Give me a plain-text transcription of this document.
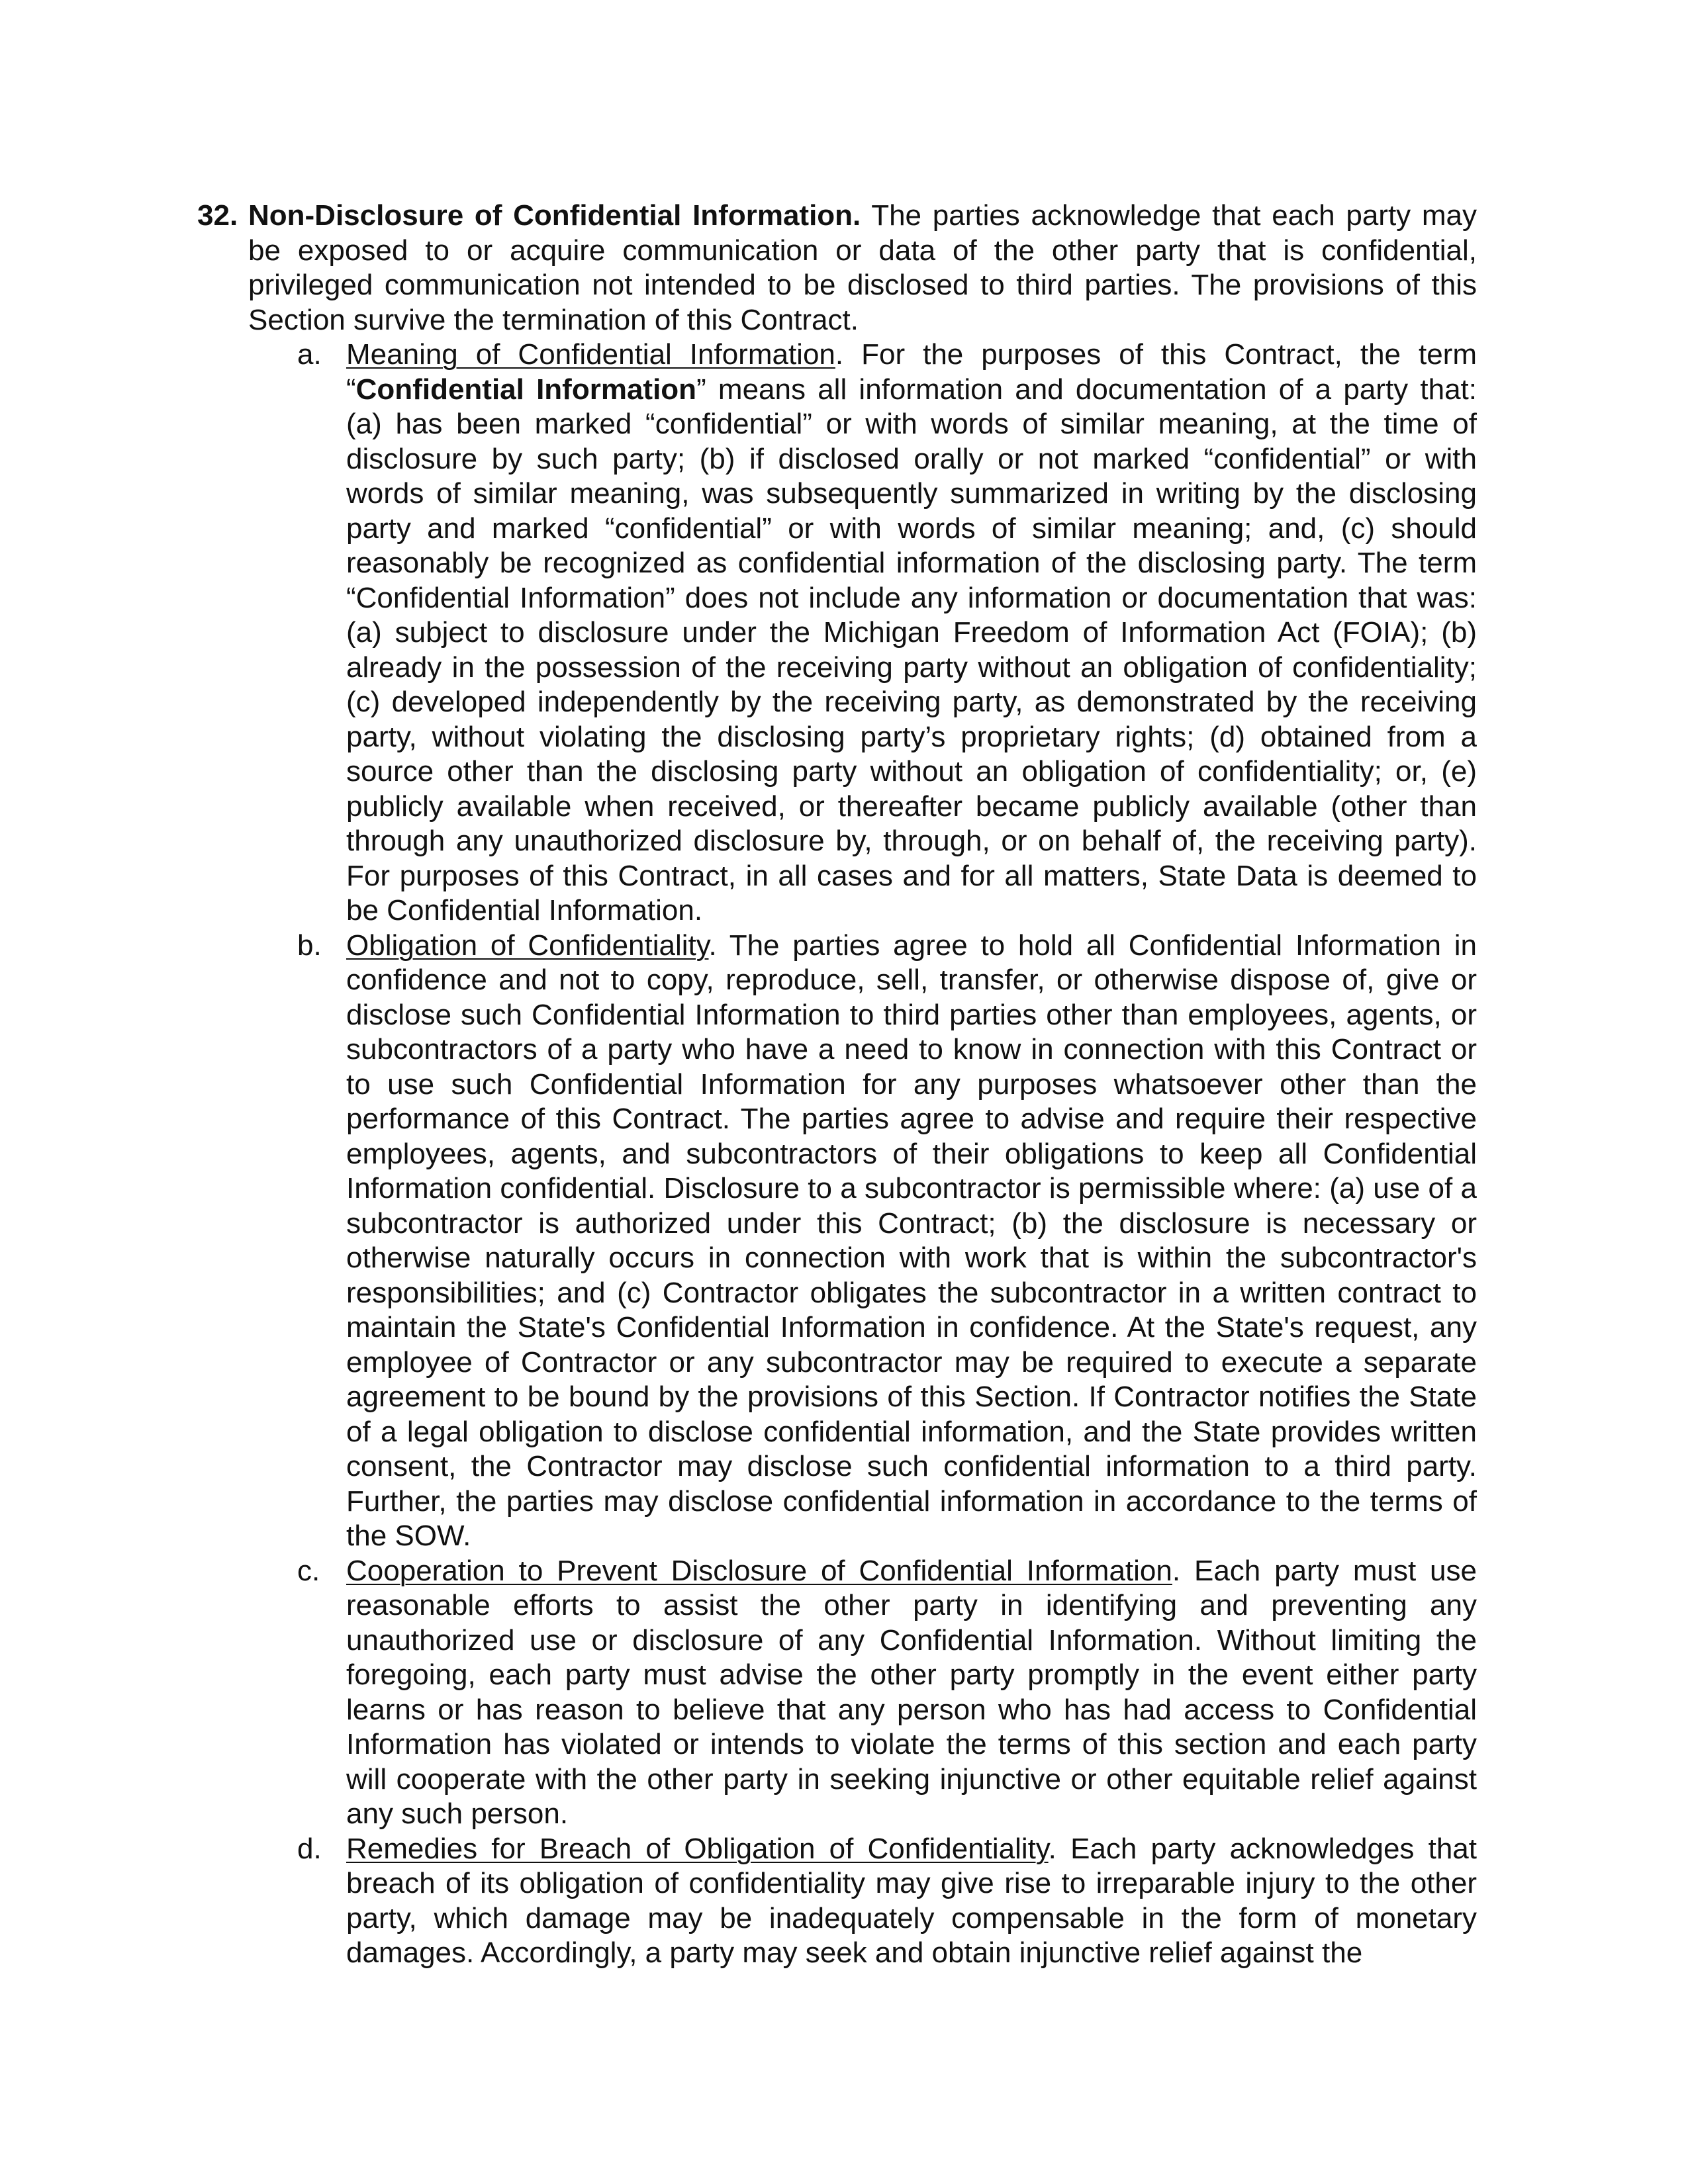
32. Non-Disclosure of Confidential Information. The parties acknowledge that each party may be exposed to or acquire communication or data of the other party that is confidential, privileged communication not intended to be disclosed to third parties. The provisions of this Section survive the termination of this Contract.
a. Meaning of Confidential Information. For the purposes of this Contract, the term “Confidential Information” means all information and documentation of a party that: (a) has been marked “confidential” or with words of similar meaning, at the time of disclosure by such party; (b) if disclosed orally or not marked “confidential” or with words of similar meaning, was subsequently summarized in writing by the disclosing party and marked “confidential” or with words of similar meaning; and, (c) should reasonably be recognized as confidential information of the disclosing party. The term “Confidential Information” does not include any information or documentation that was: (a) subject to disclosure under the Michigan Freedom of Information Act (FOIA); (b) already in the possession of the receiving party without an obligation of confidentiality; (c) developed independently by the receiving party, as demonstrated by the receiving party, without violating the disclosing party’s proprietary rights; (d) obtained from a source other than the disclosing party without an obligation of confidentiality; or, (e) publicly available when received, or thereafter became publicly available (other than through any unauthorized disclosure by, through, or on behalf of, the receiving party). For purposes of this Contract, in all cases and for all matters, State Data is deemed to be Confidential Information.
b. Obligation of Confidentiality. The parties agree to hold all Confidential Information in confidence and not to copy, reproduce, sell, transfer, or otherwise dispose of, give or disclose such Confidential Information to third parties other than employees, agents, or subcontractors of a party who have a need to know in connection with this Contract or to use such Confidential Information for any purposes whatsoever other than the performance of this Contract. The parties agree to advise and require their respective employees, agents, and subcontractors of their obligations to keep all Confidential Information confidential. Disclosure to a subcontractor is permissible where: (a) use of a subcontractor is authorized under this Contract; (b) the disclosure is necessary or otherwise naturally occurs in connection with work that is within the subcontractor's responsibilities; and (c) Contractor obligates the subcontractor in a written contract to maintain the State's Confidential Information in confidence. At the State's request, any employee of Contractor or any subcontractor may be required to execute a separate agreement to be bound by the provisions of this Section. If Contractor notifies the State of a legal obligation to disclose confidential information, and the State provides written consent, the Contractor may disclose such confidential information to a third party. Further, the parties may disclose confidential information in accordance to the terms of the SOW.
c. Cooperation to Prevent Disclosure of Confidential Information. Each party must use reasonable efforts to assist the other party in identifying and preventing any unauthorized use or disclosure of any Confidential Information. Without limiting the foregoing, each party must advise the other party promptly in the event either party learns or has reason to believe that any person who has had access to Confidential Information has violated or intends to violate the terms of this section and each party will cooperate with the other party in seeking injunctive or other equitable relief against any such person.
d. Remedies for Breach of Obligation of Confidentiality. Each party acknowledges that breach of its obligation of confidentiality may give rise to irreparable injury to the other party, which damage may be inadequately compensable in the form of monetary damages. Accordingly, a party may seek and obtain injunctive relief against the
